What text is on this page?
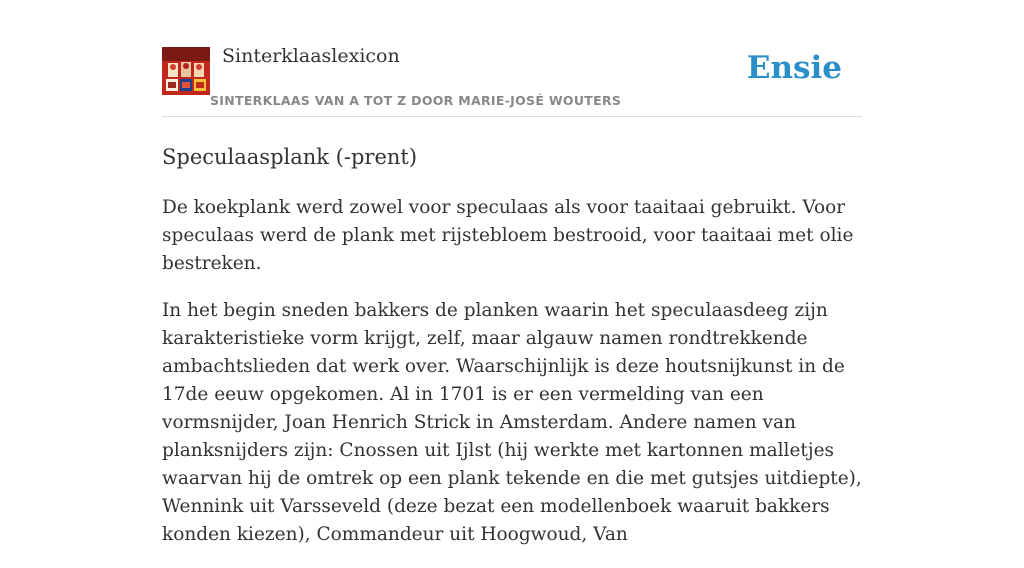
Sinterklaaslexicon
SINTERKLAAS VAN A TOT Z DOOR MARIE-JOSÉ WOUTERS
Ensie
Speculaasplank (-prent)

De koekplank werd zowel voor speculaas als voor taaitaai gebruikt. Voor speculaas werd de plank met rijstebloem bestrooid, voor taaitaai met olie bestreken.

In het begin sneden bakkers de planken waarin het speculaasdeeg zijn karakteristieke vorm krijgt, zelf, maar algauw namen rondtrekkende ambachtslieden dat werk over. Waarschijnlijk is deze houtsnijkunst in de 17de eeuw opgekomen. Al in 1701 is er een vermelding van een vormsnijder, Joan Henrich Strick in Amsterdam. Andere namen van planksnijders zijn: Cnossen uit Ijlst (hij werkte met kartonnen malletjes waarvan hij de omtrek op een plank tekende en die met gutsjes uitdiepte), Wennink uit Varsseveld (deze bezat een modellenboek waaruit bakkers konden kiezen), Commandeur uit Hoogwoud, Van
